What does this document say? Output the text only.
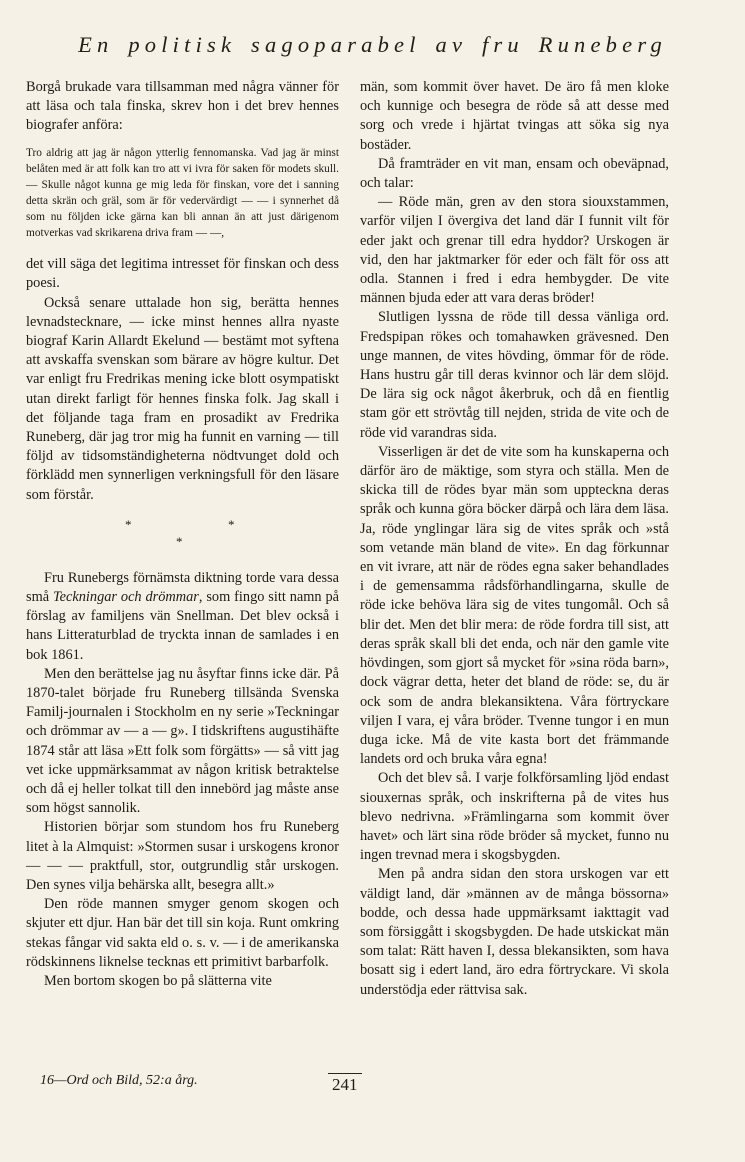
En politisk sagoparabel av fru Runeberg

Borgå brukade vara tillsamman med några vänner för att läsa och tala finska, skrev hon i det brev hennes biografer anföra:

Tro aldrig att jag är någon ytterlig fennomanska. Vad jag är minst belåten med är att folk kan tro att vi ivra för saken för modets skull. — Skulle något kunna ge mig leda för finskan, vore det i sanning detta skrän och gräl, som är för vedervärdigt — — i synnerhet då som nu följden icke gärna kan bli annan än att just därigenom motverkas vad skrikarena driva fram — —,

det vill säga det legitima intresset för finskan och dess poesi.

Också senare uttalade hon sig, berätta hennes levnadstecknare, — icke minst hennes allra nyaste biograf Karin Allardt Ekelund — bestämt mot syftena att avskaffa svenskan som bärare av högre kultur. Det var enligt fru Fredrikas mening icke blott osympatiskt utan direkt farligt för hennes finska folk. Jag skall i det följande taga fram en prosadikt av Fredrika Runeberg, där jag tror mig ha funnit en varning — till följd av tidsomständigheterna nödtvunget dold och förklädd men synnerligen verkningsfull för den läsare som förstår.

*	*
*

Fru Runebergs förnämsta diktning torde vara dessa små Teckningar och drömmar, som fingo sitt namn på förslag av familjens vän Snellman. Det blev också i hans Litteraturblad de tryckta innan de samlades i en bok 1861.

Men den berättelse jag nu åsyftar finns icke där. På 1870-talet började fru Runeberg tillsända Svenska Familj-journalen i Stockholm en ny serie »Teckningar och drömmar av — a — g». I tidskriftens augustihäfte 1874 står att läsa »Ett folk som förgätts» — så vitt jag vet icke uppmärksammat av någon kritisk betraktelse och då ej heller tolkat till den innebörd jag måste anse som högst sannolik.

Historien börjar som stundom hos fru Runeberg litet à la Almquist: »Stormen susar i urskogens kronor — — — praktfull, stor, outgrundlig står urskogen. Den synes vilja behärska allt, besegra allt.»

Den röde mannen smyger genom skogen och skjuter ett djur. Han bär det till sin koja. Runt omkring stekas fångar vid sakta eld o. s. v. — i de amerikanska rödskinnens liknelse tecknas ett primitivt barbarfolk.

Men bortom skogen bo på slätterna vite

män, som kommit över havet. De äro få men kloke och kunnige och besegra de röde så att desse med sorg och vrede i hjärtat tvingas att söka sig nya bostäder.

Då framträder en vit man, ensam och obeväpnad, och talar:

— Röde män, gren av den stora siouxstammen, varför viljen I övergiva det land där I funnit vilt för eder jakt och grenar till edra hyddor? Urskogen är vid, den har jaktmarker för eder och fält för oss att odla. Stannen i fred i edra hembygder. De vite männen bjuda eder att vara deras bröder!

Slutligen lyssna de röde till dessa vänliga ord. Fredspipan rökes och tomahawken grävesned. Den unge mannen, de vites hövding, ömmar för de röde. Hans hustru går till deras kvinnor och lär dem slöjd. De lära sig ock något åkerbruk, och då en fientlig stam gör ett strövtåg till nejden, strida de vite och de röde vid varandras sida.

Visserligen är det de vite som ha kunskaperna och därför äro de mäktige, som styra och ställa. Men de skicka till de rödes byar män som uppteckna deras språk och kunna göra böcker därpå och lära dem läsa. Ja, röde ynglingar lära sig de vites språk och »stå som vetande män bland de vite». En dag förkunnar en vit ivrare, att när de rödes egna saker behandlades i de gemensamma rådsförhandlingarna, skulle de röde icke behöva lära sig de vites tungomål. Och så blir det. Men det blir mera: de röde fordra till sist, att deras språk skall bli det enda, och när den gamle vite hövdingen, som gjort så mycket för »sina röda barn», dock vägrar detta, heter det bland de röde: se, du är ock som de andra blekansiktena. Våra förtryckare viljen I vara, ej våra bröder. Tvenne tungor i en mun duga icke. Må de vite kasta bort det främmande landets ord och bruka våra egna!

Och det blev så. I varje folkförsamling ljöd endast siouxernas språk, och inskrifterna på de vites hus blevo nedrivna. »Främlingarna som kommit över havet» och lärt sina röde bröder så mycket, funno nu ingen trevnad mera i skogsbygden.

Men på andra sidan den stora urskogen var ett väldigt land, där »männen av de många bössorna» bodde, och dessa hade uppmärksamt iakttagit vad som försiggått i skogsbygden. De hade utskickat män som talat: Rätt haven I, dessa blekansikten, som hava bosatt sig i edert land, äro edra förtryckare. Vi skola understödja eder rättvisa sak.

16—Ord och Bild, 52:a årg.	241
